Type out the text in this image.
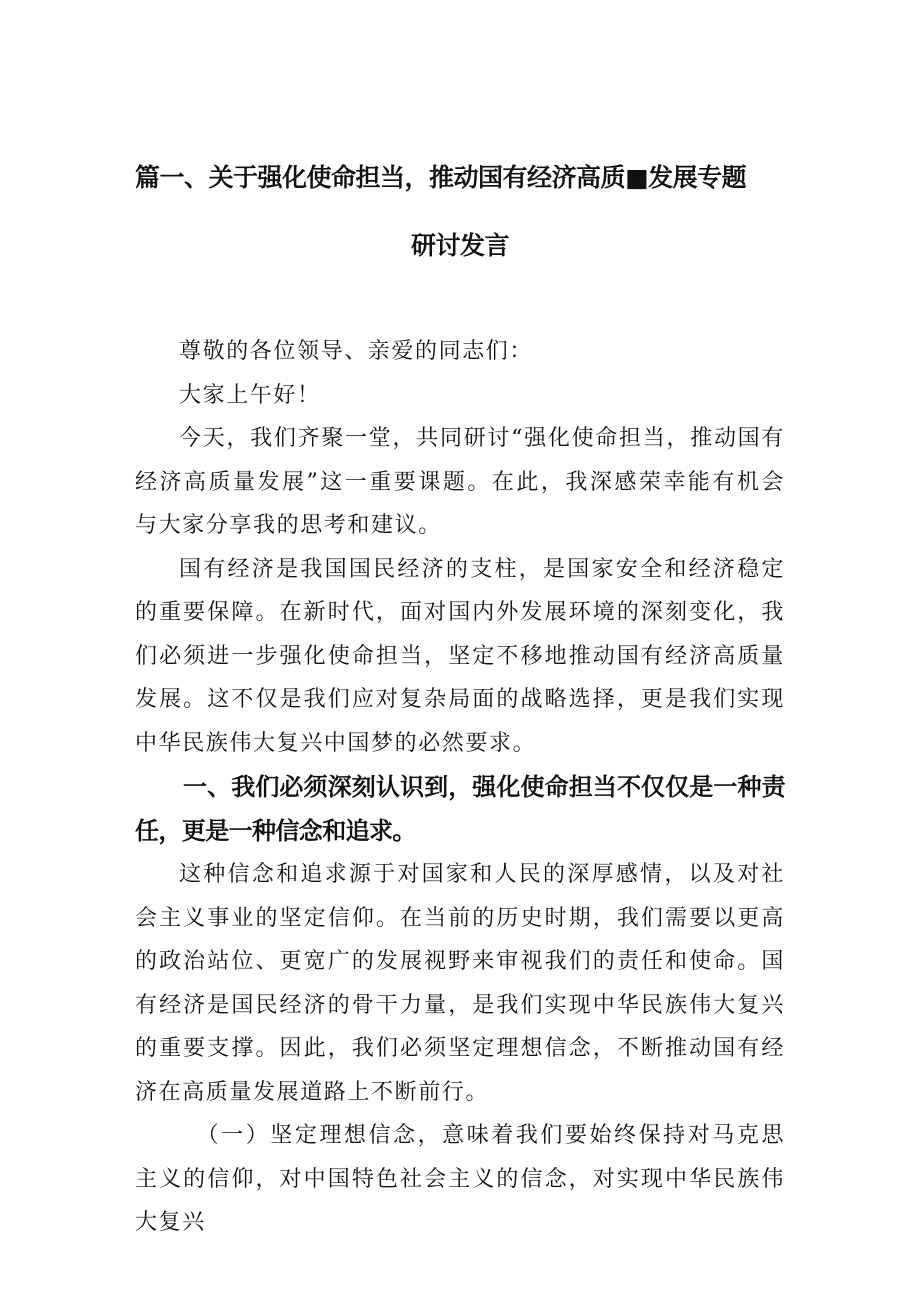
篇一、关于强化使命担当，推动国有经济高质■发展专题
研讨发言

尊敬的各位领导、亲爱的同志们：

大家上午好！

今天，我们齐聚一堂，共同研讨“强化使命担当，推动国有经济高质量发展”这一重要课题。在此，我深感荣幸能有机会与大家分享我的思考和建议。

国有经济是我国国民经济的支柱，是国家安全和经济稳定的重要保障。在新时代，面对国内外发展环境的深刻变化，我们必须进一步强化使命担当，坚定不移地推动国有经济高质量发展。这不仅是我们应对复杂局面的战略选择，更是我们实现中华民族伟大复兴中国梦的必然要求。

一、我们必须深刻认识到，强化使命担当不仅仅是一种责任，更是一种信念和追求。

这种信念和追求源于对国家和人民的深厚感情，以及对社会主义事业的坚定信仰。在当前的历史时期，我们需要以更高的政治站位、更宽广的发展视野来审视我们的责任和使命。国有经济是国民经济的骨干力量，是我们实现中华民族伟大复兴的重要支撑。因此，我们必须坚定理想信念，不断推动国有经济在高质量发展道路上不断前行。

（一）坚定理想信念，意味着我们要始终保持对马克思主义的信仰，对中国特色社会主义的信念，对实现中华民族伟大复兴
